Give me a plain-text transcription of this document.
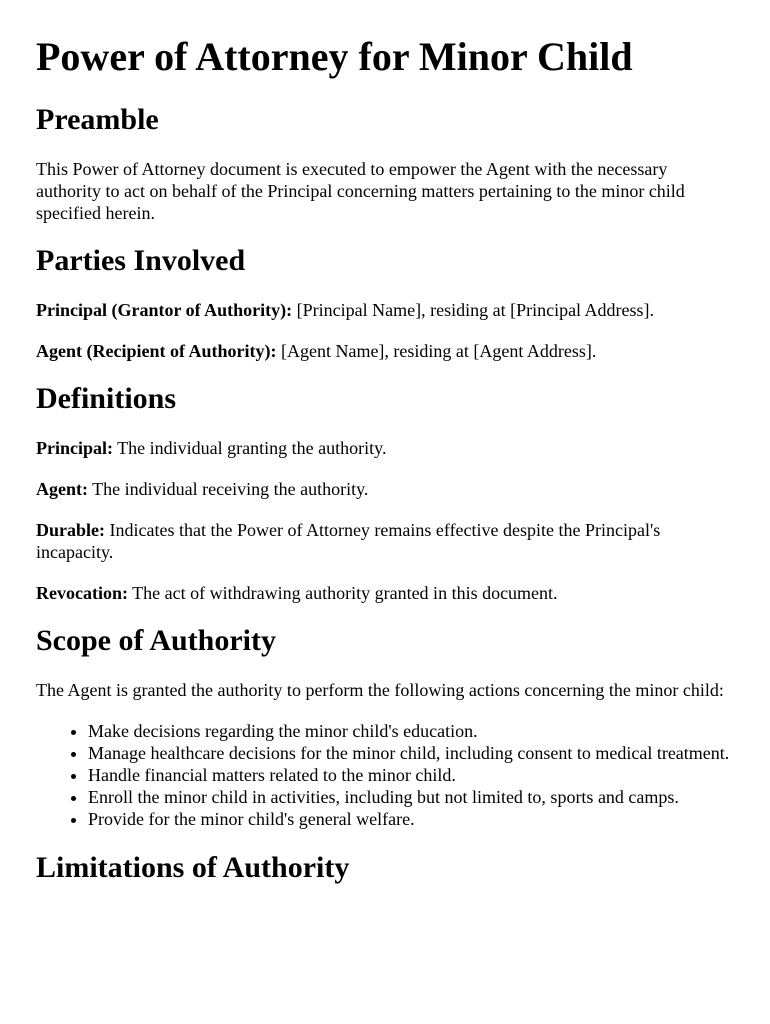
Power of Attorney for Minor Child
Preamble

This Power of Attorney document is executed to empower the Agent with the necessary authority to act on behalf of the Principal concerning matters pertaining to the minor child specified herein.

Parties Involved

Principal (Grantor of Authority): [Principal Name], residing at [Principal Address].

Agent (Recipient of Authority): [Agent Name], residing at [Agent Address].

Definitions

Principal: The individual granting the authority.

Agent: The individual receiving the authority.

Durable: Indicates that the Power of Attorney remains effective despite the Principal's incapacity.

Revocation: The act of withdrawing authority granted in this document.

Scope of Authority

The Agent is granted the authority to perform the following actions concerning the minor child:

• Make decisions regarding the minor child's education.
• Manage healthcare decisions for the minor child, including consent to medical treatment.
• Handle financial matters related to the minor child.
• Enroll the minor child in activities, including but not limited to, sports and camps.
• Provide for the minor child's general welfare.
Limitations of Authority
